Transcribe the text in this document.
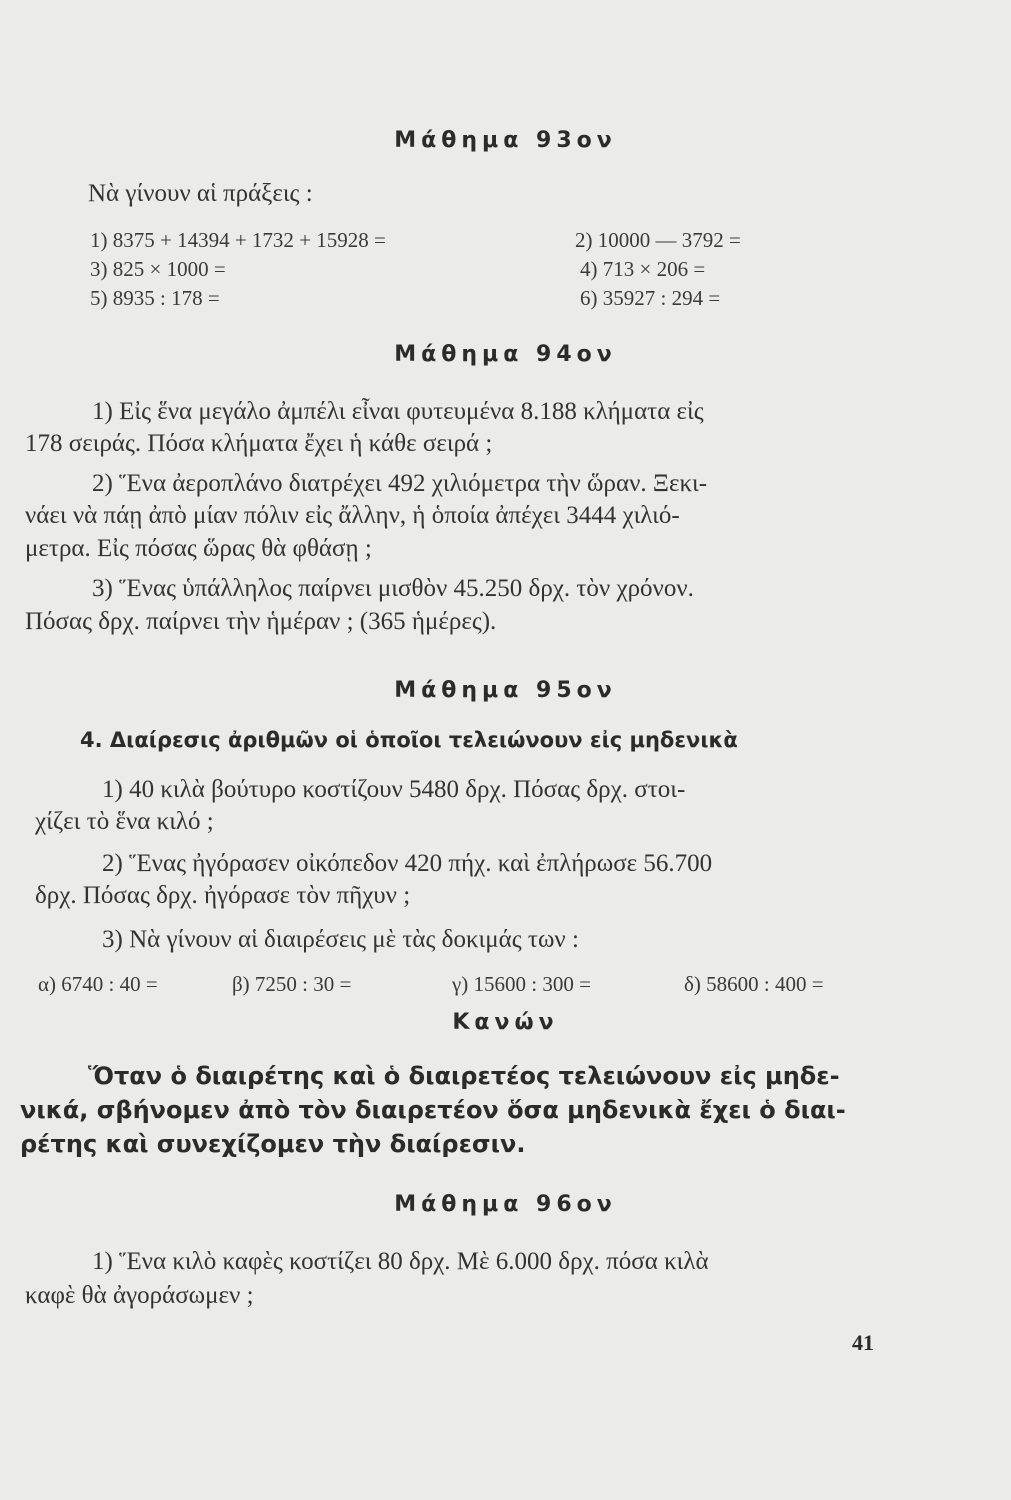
Μάθημα 93ον
Νὰ γίνουν αἱ πράξεις :
1) 8375 + 14394 + 1732 + 15928 =	2) 10000 — 3792 =
3) 825 × 1000 =	4) 713 × 206 =
5) 8935 : 178 =	6) 35927 : 294 =
Μάθημα 94ον
1) Εἰς ἕνα μεγάλο ἀμπέλι εἶναι φυτευμένα 8.188 κλήματα εἰς
178 σειράς. Πόσα κλήματα ἔχει ἡ κάθε σειρά ;
2) Ἕνα ἀεροπλάνο διατρέχει 492 χιλιόμετρα τὴν ὥραν. Ξεκι-
νάει νὰ πάῃ ἀπὸ μίαν πόλιν εἰς ἄλλην, ἡ ὁποία ἀπέχει 3444 χιλιό-
μετρα. Εἰς πόσας ὥρας θὰ φθάσῃ ;
3) Ἕνας ὑπάλληλος παίρνει μισθὸν 45.250 δρχ. τὸν χρόνον.
Πόσας δρχ. παίρνει τὴν ἡμέραν ; (365 ἡμέρες).
Μάθημα 95ον
4. Διαίρεσις ἀριθμῶν οἱ ὁποῖοι τελειώνουν εἰς μηδενικὰ
1) 40 κιλὰ βούτυρο κοστίζουν 5480 δρχ. Πόσας δρχ. στοι-
χίζει τὸ ἕνα κιλό ;
2) Ἕνας ἠγόρασεν οἰκόπεδον 420 πήχ. καὶ ἐπλήρωσε 56.700
δρχ. Πόσας δρχ. ἠγόρασε τὸν πῆχυν ;
3) Νὰ γίνουν αἱ διαιρέσεις μὲ τὰς δοκιμάς των :
α) 6740 : 40 =	β) 7250 : 30 =	γ) 15600 : 300 =	δ) 58600 : 400 =
Κανών
Ὅταν ὁ διαιρέτης καὶ ὁ διαιρετέος τελειώνουν εἰς μηδε-
νικά, σβήνομεν ἀπὸ τὸν διαιρετέον ὅσα μηδενικὰ ἔχει ὁ διαι-
ρέτης καὶ συνεχίζομεν τὴν διαίρεσιν.
Μάθημα 96ον
1) Ἕνα κιλὸ καφὲς κοστίζει 80 δρχ. Μὲ 6.000 δρχ. πόσα κιλὰ
καφὲ θὰ ἀγοράσωμεν ;
41
